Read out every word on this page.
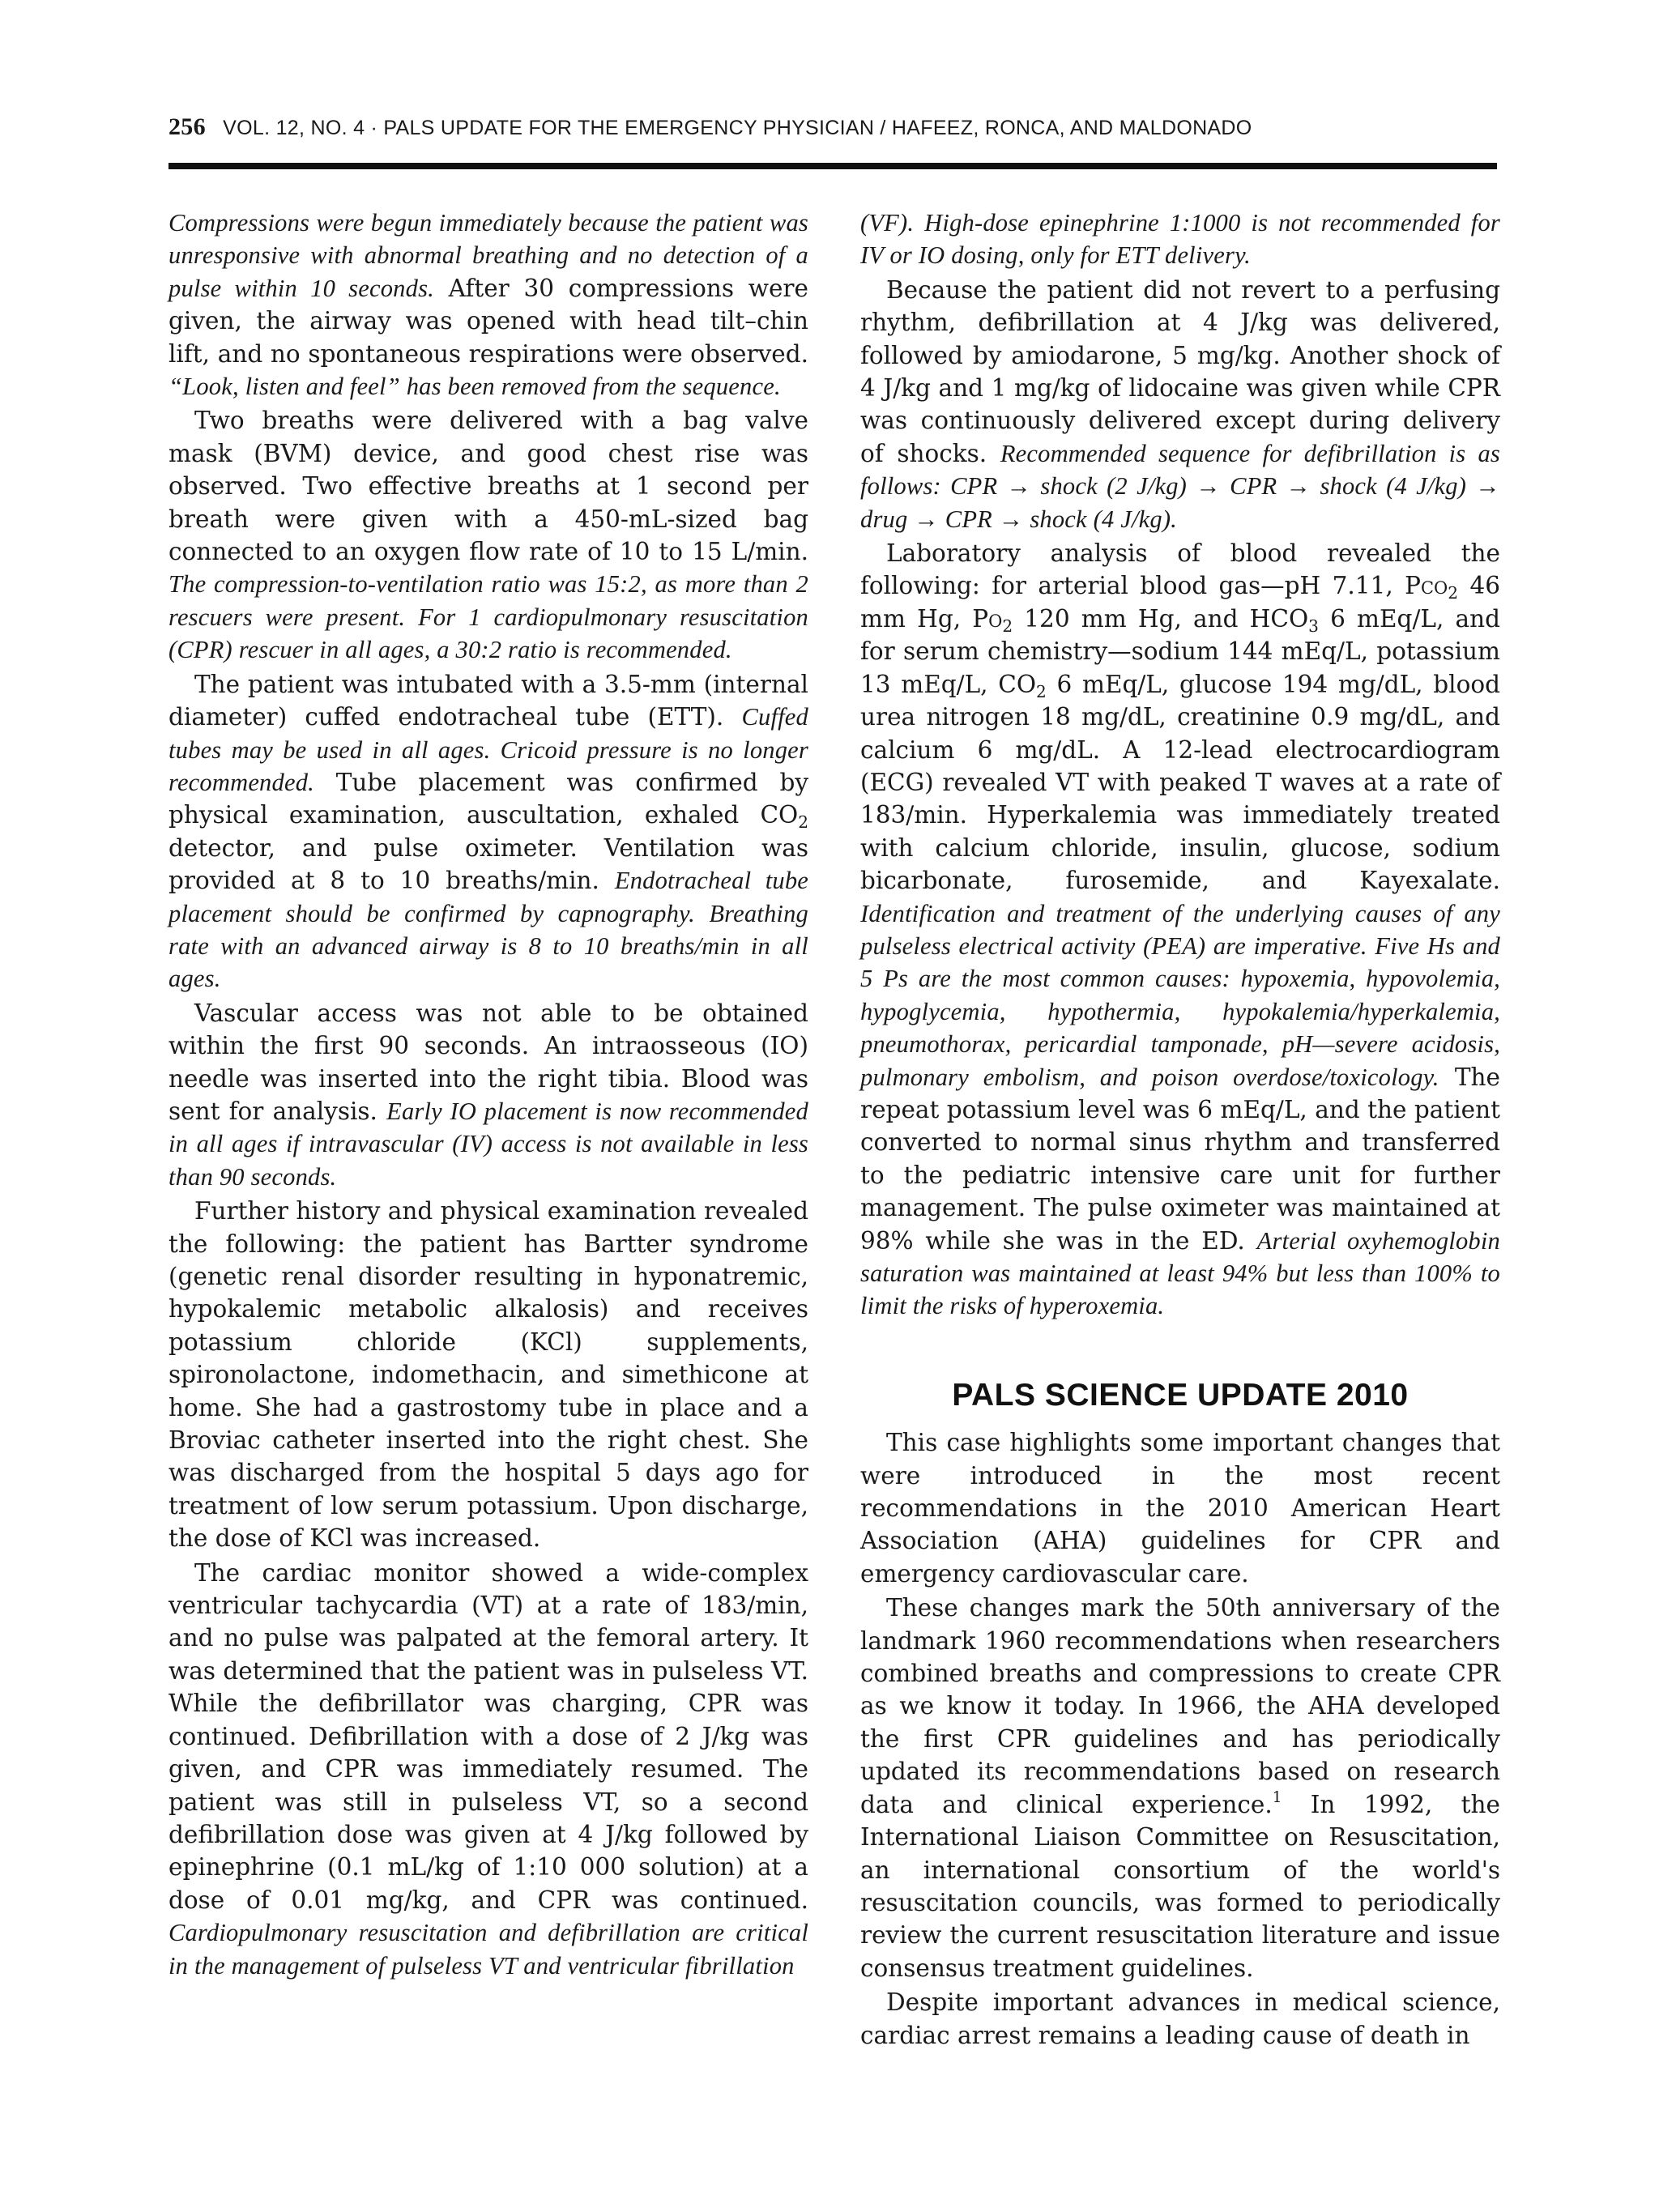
256 VOL. 12, NO. 4 · PALS UPDATE FOR THE EMERGENCY PHYSICIAN / HAFEEZ, RONCA, AND MALDONADO

Compressions were begun immediately because the patient was unresponsive with abnormal breathing and no detection of a pulse within 10 seconds. After 30 compressions were given, the airway was opened with head tilt–chin lift, and no spontaneous respirations were observed. “Look, listen and feel” has been removed from the sequence.

Two breaths were delivered with a bag valve mask (BVM) device, and good chest rise was observed. Two effective breaths at 1 second per breath were given with a 450-mL-sized bag connected to an oxygen flow rate of 10 to 15 L/min. The compression-to-ventilation ratio was 15:2, as more than 2 rescuers were present. For 1 cardiopulmonary resuscitation (CPR) rescuer in all ages, a 30:2 ratio is recommended.

The patient was intubated with a 3.5-mm (internal diameter) cuffed endotracheal tube (ETT). Cuffed tubes may be used in all ages. Cricoid pressure is no longer recommended. Tube placement was confirmed by physical examination, auscultation, exhaled $CO_2$ detector, and pulse oximeter. Ventilation was provided at 8 to 10 breaths/min. Endotracheal tube placement should be confirmed by capnography. Breathing rate with an advanced airway is 8 to 10 breaths/min in all ages.

Vascular access was not able to be obtained within the first 90 seconds. An intraosseous (IO) needle was inserted into the right tibia. Blood was sent for analysis. Early IO placement is now recommended in all ages if intravascular (IV) access is not available in less than 90 seconds.

Further history and physical examination revealed the following: the patient has Bartter syndrome (genetic renal disorder resulting in hyponatremic, hypokalemic metabolic alkalosis) and receives potassium chloride (KCl) supplements, spironolactone, indomethacin, and simethicone at home. She had a gastrostomy tube in place and a Broviac catheter inserted into the right chest. She was discharged from the hospital 5 days ago for treatment of low serum potassium. Upon discharge, the dose of KCl was increased.

The cardiac monitor showed a wide-complex ventricular tachycardia (VT) at a rate of 183/min, and no pulse was palpated at the femoral artery. It was determined that the patient was in pulseless VT. While the defibrillator was charging, CPR was continued. Defibrillation with a dose of 2 J/kg was given, and CPR was immediately resumed. The patient was still in pulseless VT, so a second defibrillation dose was given at 4 J/kg followed by epinephrine (0.1 mL/kg of 1:10 000 solution) at a dose of 0.01 mg/kg, and CPR was continued. Cardiopulmonary resuscitation and defibrillation are critical in the management of pulseless VT and ventricular fibrillation

(VF). High-dose epinephrine 1:1000 is not recommended for IV or IO dosing, only for ETT delivery.

Because the patient did not revert to a perfusing rhythm, defibrillation at 4 J/kg was delivered, followed by amiodarone, 5 mg/kg. Another shock of 4 J/kg and 1 mg/kg of lidocaine was given while CPR was continuously delivered except during delivery of shocks. Recommended sequence for defibrillation is as follows: CPR → shock (2 J/kg) → CPR → shock (4 J/kg) → drug → CPR → shock (4 J/kg).

Laboratory analysis of blood revealed the following: for arterial blood gas—pH 7.11, Pco$_2$ 46 mm Hg, $Po_2$ 120 mm Hg, and $HCO_3$ 6 mEq/L, and for serum chemistry—sodium 144 mEq/L, potassium 13 mEq/L, $CO_2$ 6 mEq/L, glucose 194 mg/dL, blood urea nitrogen 18 mg/dL, creatinine 0.9 mg/dL, and calcium 6 mg/dL. A 12-lead electrocardiogram (ECG) revealed VT with peaked T waves at a rate of 183/min. Hyperkalemia was immediately treated with calcium chloride, insulin, glucose, sodium bicarbonate, furosemide, and Kayexalate. Identification and treatment of the underlying causes of any pulseless electrical activity (PEA) are imperative. Five Hs and 5 Ps are the most common causes: hypoxemia, hypovolemia, hypoglycemia, hypothermia, hypokalemia/hyperkalemia, pneumothorax, pericardial tamponade, pH—severe acidosis, pulmonary embolism, and poison overdose/toxicology. The repeat potassium level was 6 mEq/L, and the patient converted to normal sinus rhythm and transferred to the pediatric intensive care unit for further management. The pulse oximeter was maintained at 98% while she was in the ED. Arterial oxyhemoglobin saturation was maintained at least 94% but less than 100% to limit the risks of hyperoxemia.

PALS SCIENCE UPDATE 2010

This case highlights some important changes that were introduced in the most recent recommendations in the 2010 American Heart Association (AHA) guidelines for CPR and emergency cardiovascular care.

These changes mark the 50th anniversary of the landmark 1960 recommendations when researchers combined breaths and compressions to create CPR as we know it today. In 1966, the AHA developed the first CPR guidelines and has periodically updated its recommendations based on research data and clinical experience.$^1$ In 1992, the International Liaison Committee on Resuscitation, an international consortium of the world's resuscitation councils, was formed to periodically review the current resuscitation literature and issue consensus treatment guidelines.

Despite important advances in medical science, cardiac arrest remains a leading cause of death in
